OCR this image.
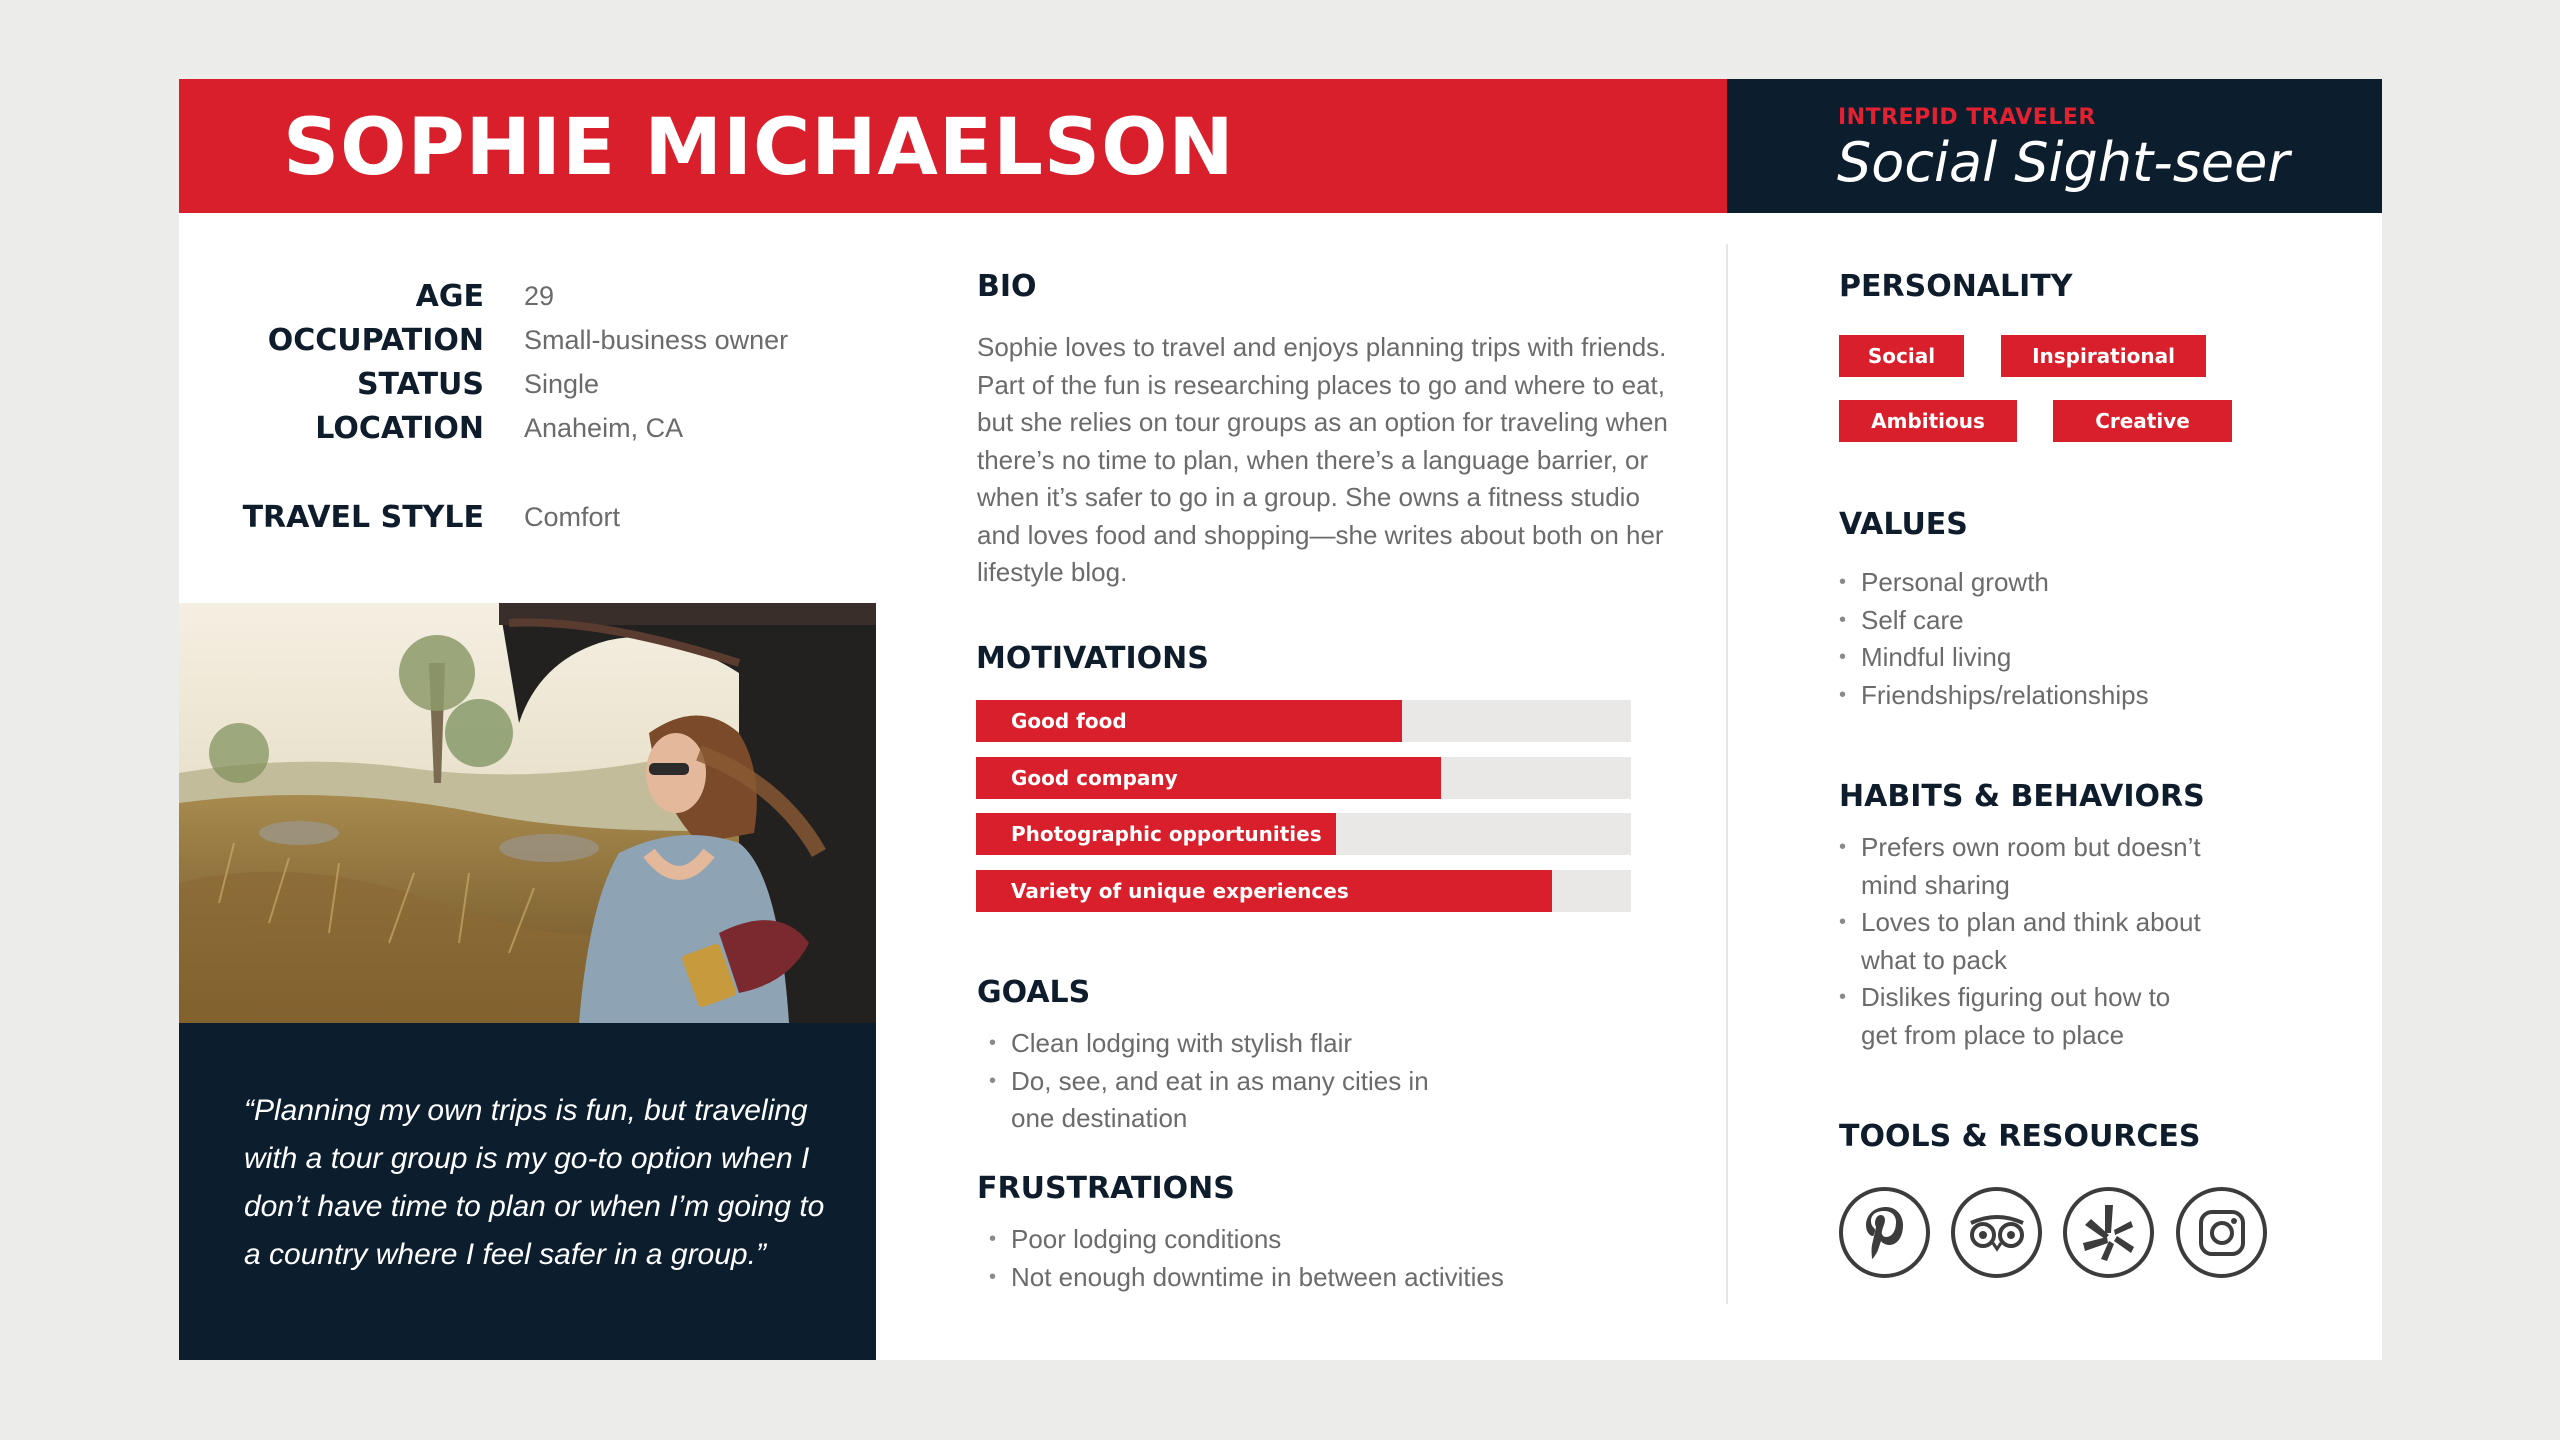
SOPHIE MICHAELSON	INTREPID TRAVELER
Social Sight-seer
AGE 29
OCCUPATION Small-business owner
STATUS Single
LOCATION Anaheim, CA
TRAVEL STYLE Comfort

“Planning my own trips is fun, but traveling with a tour group is my go-to option when I don’t have time to plan or when I’m going to a country where I feel safer in a group.”

BIO

Sophie loves to travel and enjoys planning trips with friends. Part of the fun is researching places to go and where to eat, but she relies on tour groups as an option for traveling when there’s no time to plan, when there’s a language barrier, or when it’s safer to go in a group. She owns a fitness studio and loves food and shopping—she writes about both on her lifestyle blog.

MOTIVATIONS
Good food
Good company
Photographic opportunities
Variety of unique experiences
GOALS
• Clean lodging with stylish flair
• Do, see, and eat in as many cities in one destination
FRUSTRATIONS
• Poor lodging conditions
• Not enough downtime in between activities
PERSONALITY
Social	Inspirational
Ambitious	Creative
VALUES
• Personal growth
• Self care
• Mindful living
• Friendships/relationships
HABITS & BEHAVIORS
• Prefers own room but doesn’t mind sharing
• Loves to plan and think about what to pack
• Dislikes figuring out how to get from place to place
TOOLS & RESOURCES
